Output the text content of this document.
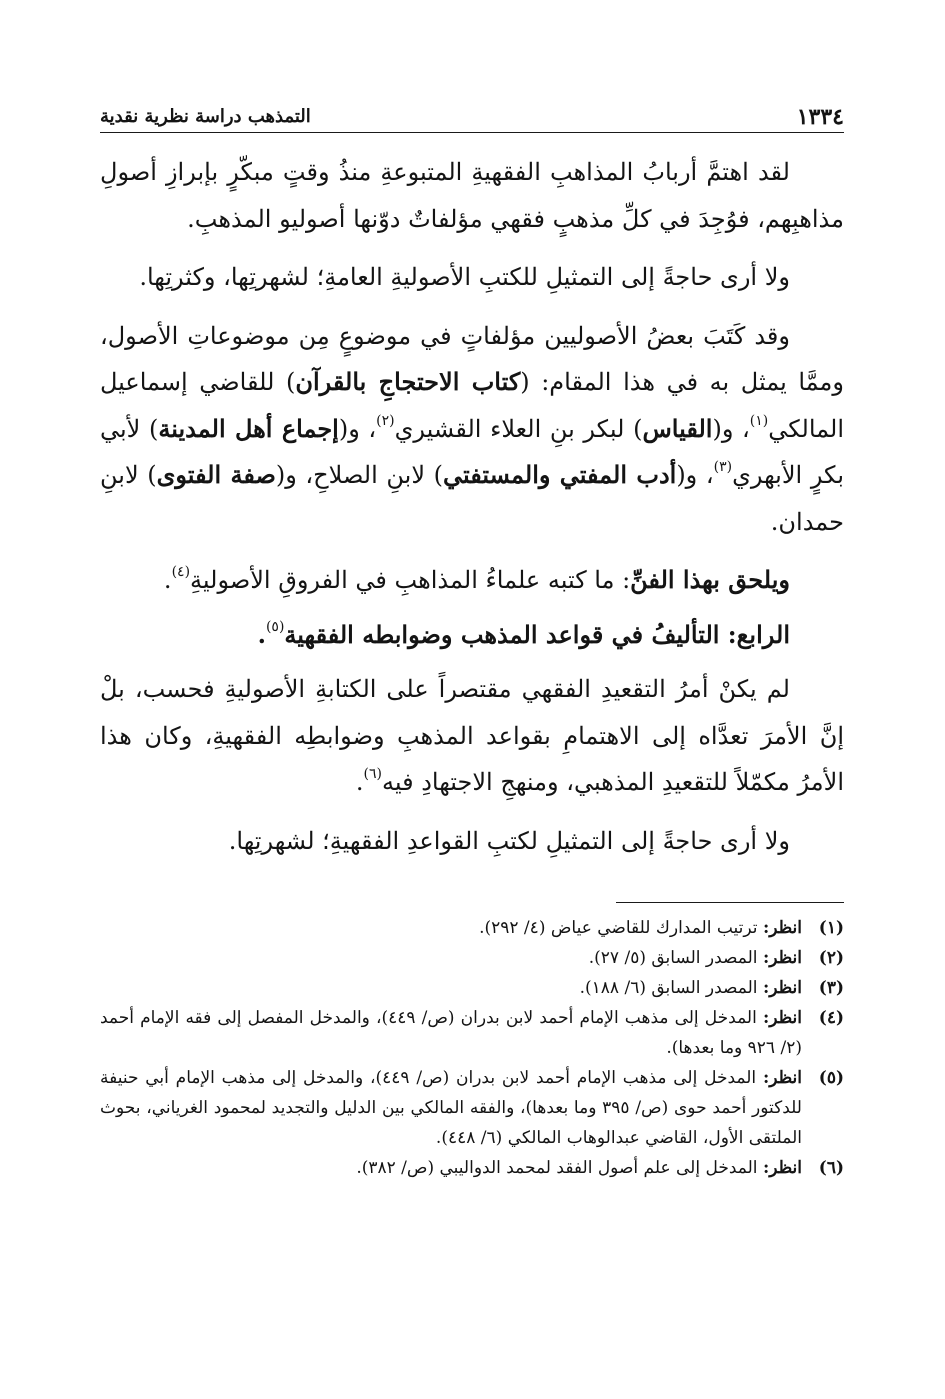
١٣٣٤
التمذهب دراسة نظرية نقدية

لقد اهتمَّ أربابُ المذاهبِ الفقهيةِ المتبوعةِ منذُ وقتٍ مبكّرٍ بإبرازِ أصولِ مذاهبِهم، فوُجِدَ في كلِّ مذهبٍ فقهي مؤلفاتٌ دوّنها أصوليو المذهبِ.

ولا أرى حاجةً إلى التمثيلِ للكتبِ الأصوليةِ العامةِ؛ لشهرتِها، وكثرتِها.

وقد كَتَبَ بعضُ الأصوليين مؤلفاتٍ في موضوعٍ مِن موضوعاتِ الأصول، وممَّا يمثل به في هذا المقام: (كتاب الاحتجاجِ بالقرآن) للقاضي إسماعيل المالكي$^{(١)}$، و(القياس) لبكر بنِ العلاء القشيري$^{(٢)}$، و(إجماع أهل المدينة) لأبي بكرٍ الأبهري$^{(٣)}$، و(أدب المفتي والمستفتي) لابنِ الصلاحِ، و(صفة الفتوى) لابنِ حمدان.

ويلحق بهذا الفنِّ: ما كتبه علماءُ المذاهبِ في الفروقِ الأصوليةِ$^{(٤)}$.

الرابع: التأليفُ في قواعد المذهب وضوابطه الفقهية$^{(٥)}$.

لم يكنْ أمرُ التقعيدِ الفقهي مقتصراً على الكتابةِ الأصوليةِ فحسب، بلْ إنَّ الأمرَ تعدَّاه إلى الاهتمامِ بقواعد المذهبِ وضوابطِه الفقهيةِ، وكان هذا الأمرُ مكمّلاً للتقعيدِ المذهبي، ومنهجِ الاجتهادِ فيه$^{(٦)}$.

ولا أرى حاجةً إلى التمثيلِ لكتبِ القواعدِ الفقهيةِ؛ لشهرتِها.

(١)
انظر: ترتيب المدارك للقاضي عياض (٤/ ٢٩٢).
(٢)
انظر: المصدر السابق (٥/ ٢٧).
(٣)
انظر: المصدر السابق (٦/ ١٨٨).
(٤)
انظر: المدخل إلى مذهب الإمام أحمد لابن بدران (ص/ ٤٤٩)، والمدخل المفصل إلى فقه الإمام أحمد (٢/ ٩٢٦ وما بعدها).
(٥)
انظر: المدخل إلى مذهب الإمام أحمد لابن بدران (ص/ ٤٤٩)، والمدخل إلى مذهب الإمام أبي حنيفة للدكتور أحمد حوى (ص/ ٣٩٥ وما بعدها)، والفقه المالكي بين الدليل والتجديد لمحمود الغرياني، بحوث الملتقى الأول، القاضي عبدالوهاب المالكي (٦/ ٤٤٨).
(٦)
انظر: المدخل إلى علم أصول الفقد لمحمد الدواليبي (ص/ ٣٨٢).
